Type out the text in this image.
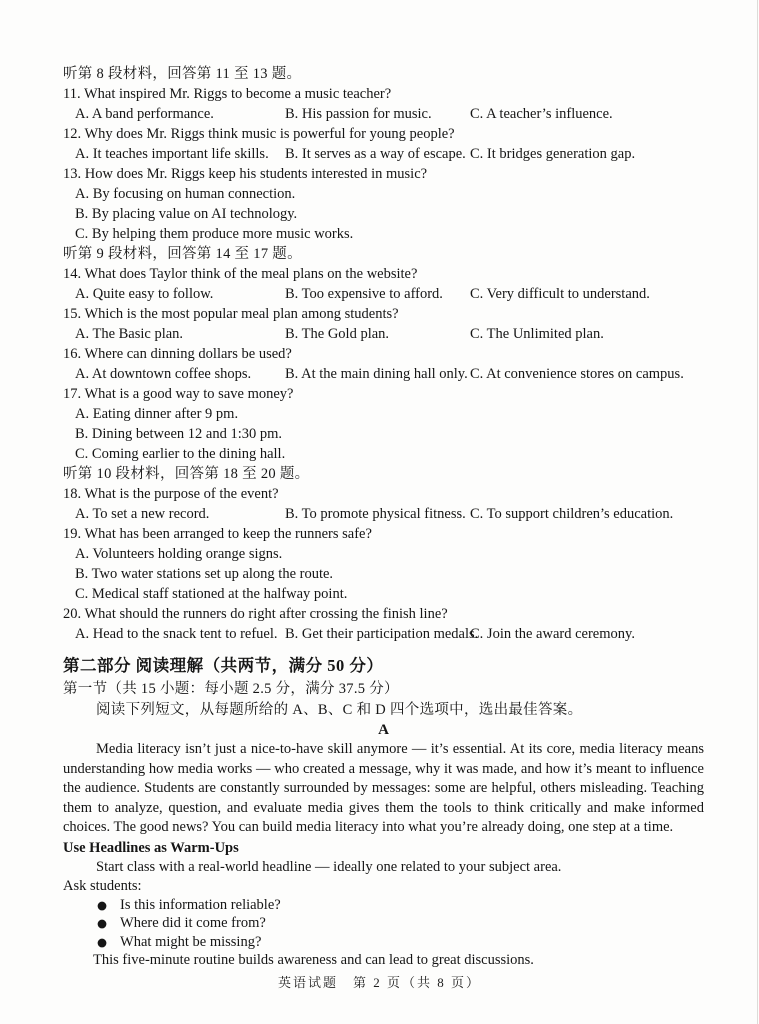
听第 8 段材料，回答第 11 至 13 题。
11. What inspired Mr. Riggs to become a music teacher?
A. A band performance.	B. His passion for music.	C. A teacher’s influence.
12. Why does Mr. Riggs think music is powerful for young people?
A. It teaches important life skills. B. It serves as a way of escape. C. It bridges generation gap.
13. How does Mr. Riggs keep his students interested in music?
A. By focusing on human connection.
B. By placing value on AI technology.
C. By helping them produce more music works.
听第 9 段材料，回答第 14 至 17 题。
14. What does Taylor think of the meal plans on the website?
A. Quite easy to follow.	B. Too expensive to afford. C. Very difficult to understand.
15. Which is the most popular meal plan among students?
A. The Basic plan.	B. The Gold plan.	C. The Unlimited plan.
16. Where can dinning dollars be used?
A. At downtown coffee shops. B. At the main dining hall only. C. At convenience stores on campus.
17. What is a good way to save money?
A. Eating dinner after 9 pm.
B. Dining between 12 and 1:30 pm.
C. Coming earlier to the dining hall.
听第 10 段材料，回答第 18 至 20 题。
18. What is the purpose of the event?
A. To set a new record.	B. To promote physical fitness. C. To support children’s education.
19. What has been arranged to keep the runners safe?
A. Volunteers holding orange signs.
B. Two water stations set up along the route.
C. Medical staff stationed at the halfway point.
20. What should the runners do right after crossing the finish line?
A. Head to the snack tent to refuel. B. Get their participation medals.
C. Join the award ceremony.
第二部分 阅读理解（共两节，满分 50 分）
第一节（共 15 小题：每小题 2.5 分，满分 37.5 分）
阅读下列短文，从每题所给的 A、B、C 和 D 四个选项中，选出最佳答案。
A
Media literacy isn’t just a nice-to-have skill anymore — it’s essential. At its core, media literacy means understanding how media works — who created a message, why it was made, and how it’s meant to influence the audience. Students are constantly surrounded by messages: some are helpful, others misleading. Teaching them to analyze, question, and evaluate media gives them the tools to think critically and make informed choices. The good news? You can build media literacy into what you’re already doing, one step at a time.
Use Headlines as Warm-Ups
Start class with a real-world headline — ideally one related to your subject area.
Ask students:
● Is this information reliable?
● Where did it come from?
● What might be missing?
This five-minute routine builds awareness and can lead to great discussions.
英语试题　第 2 页（共 8 页）
